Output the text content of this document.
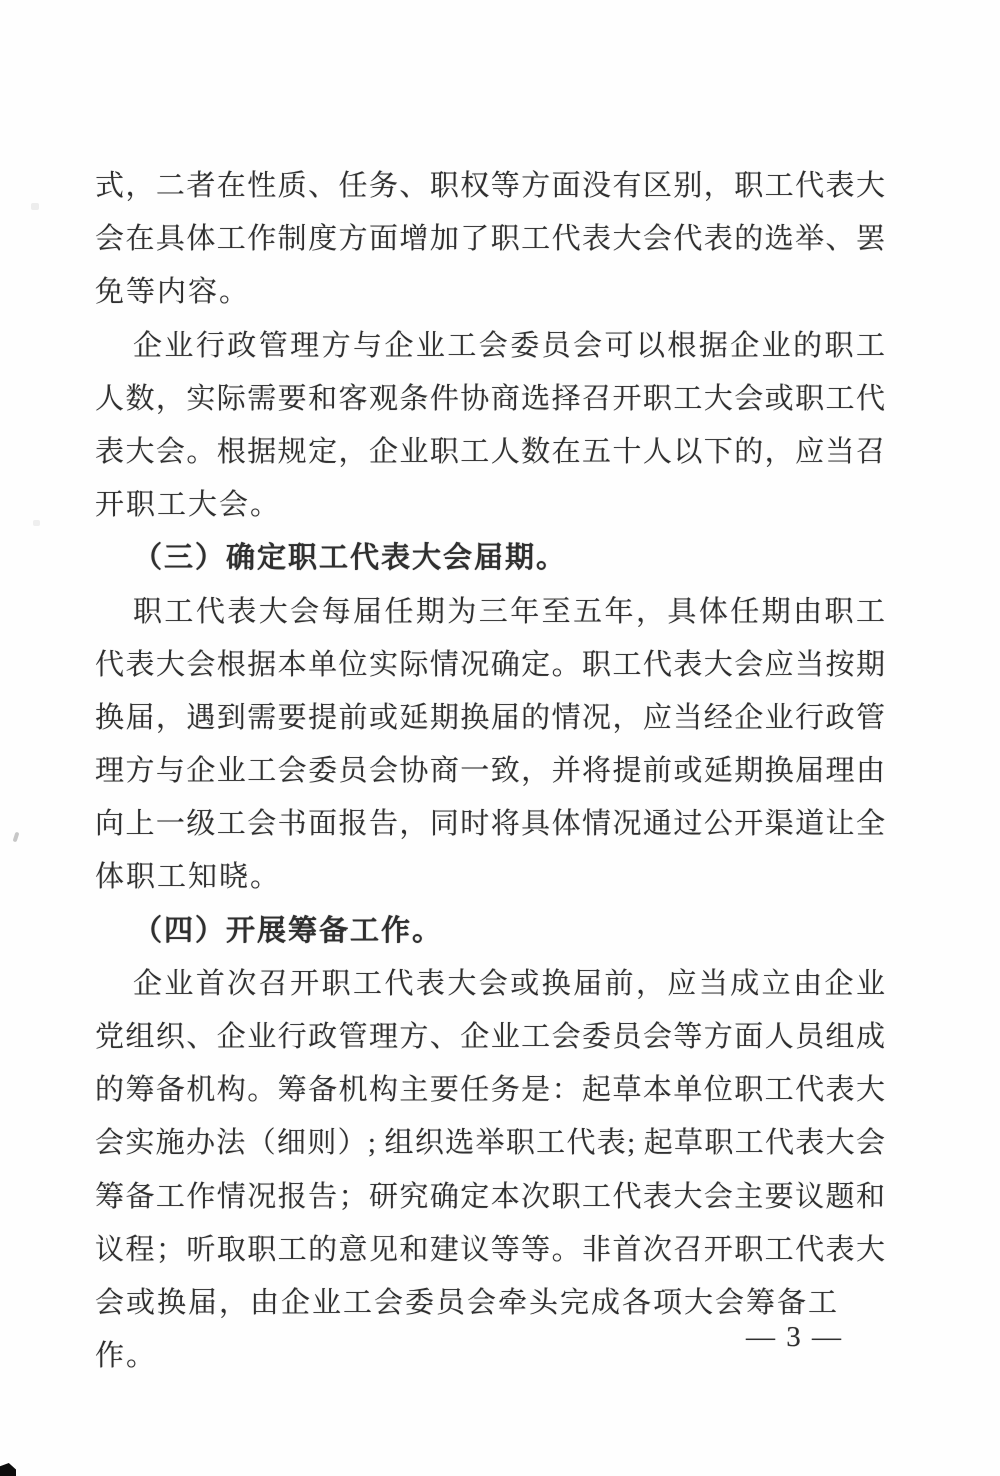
式，二者在性质、任务、职权等方面没有区别，职工代表大
会在具体工作制度方面增加了职工代表大会代表的选举、罢
免等内容。
企业行政管理方与企业工会委员会可以根据企业的职工
人数，实际需要和客观条件协商选择召开职工大会或职工代
表大会。根据规定，企业职工人数在五十人以下的，应当召
开职工大会。
（三）确定职工代表大会届期。
职工代表大会每届任期为三年至五年，具体任期由职工
代表大会根据本单位实际情况确定。职工代表大会应当按期
换届，遇到需要提前或延期换届的情况，应当经企业行政管
理方与企业工会委员会协商一致，并将提前或延期换届理由
向上一级工会书面报告，同时将具体情况通过公开渠道让全
体职工知晓。
（四）开展筹备工作。
企业首次召开职工代表大会或换届前，应当成立由企业
党组织、企业行政管理方、企业工会委员会等方面人员组成
的筹备机构。筹备机构主要任务是：起草本单位职工代表大
会实施办法（细则）; 组织选举职工代表; 起草职工代表大会
筹备工作情况报告；研究确定本次职工代表大会主要议题和
议程；听取职工的意见和建议等等。非首次召开职工代表大
会或换届，由企业工会委员会牵头完成各项大会筹备工作。
— 3 —
